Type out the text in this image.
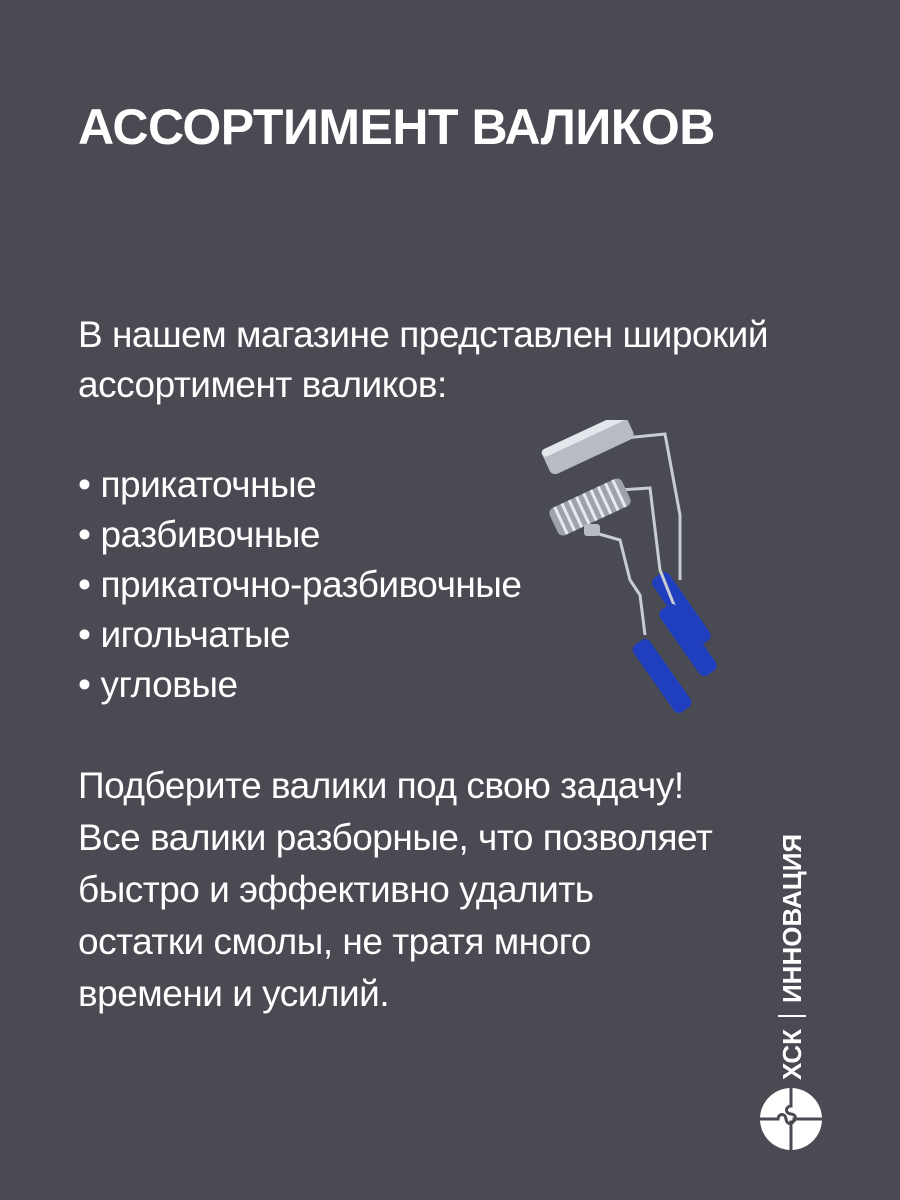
АССОРТИМЕНТ ВАЛИКОВ

В нашем магазине представлен широкий
ассортимент валиков:

• прикаточные
• разбивочные
• прикаточно-разбивочные
• игольчатые
• угловые

Подберите валики под свою задачу!
Все валики разборные, что позволяет
быстро и эффективно удалить
остатки смолы, не тратя много
времени и усилий.

ХСК
ИННОВАЦИЯ
